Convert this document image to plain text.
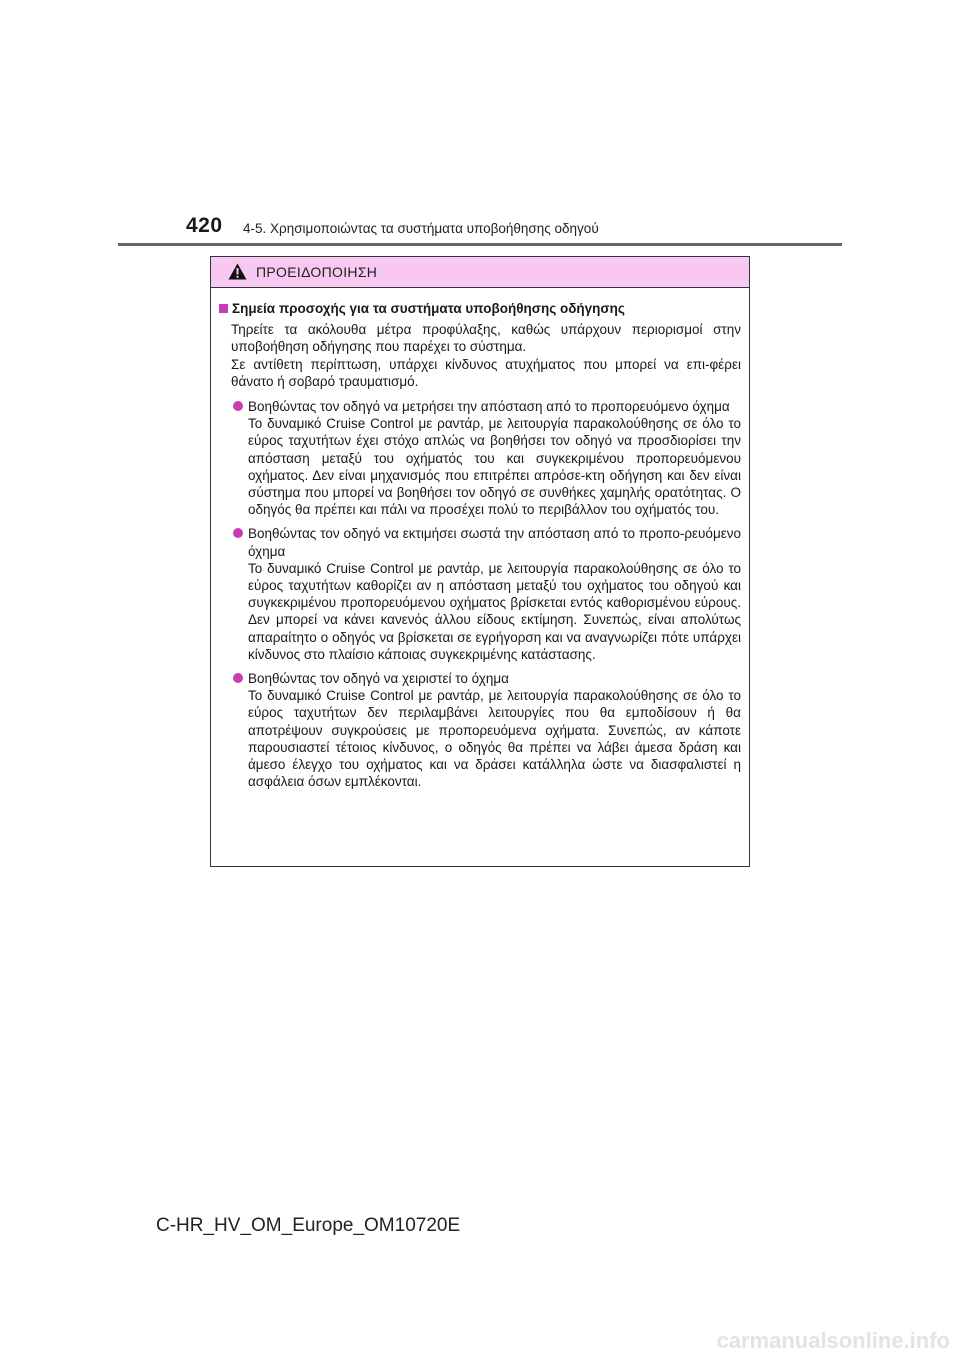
420 4-5. Χρησιμοποιώντας τα συστήματα υποβοήθησης οδηγού
ΠΡΟΕΙΔΟΠΟΙΗΣΗ
Σημεία προσοχής για τα συστήματα υποβοήθησης οδήγησης

Τηρείτε τα ακόλουθα μέτρα προφύλαξης, καθώς υπάρχουν περιορισμοί στην υποβοήθηση οδήγησης που παρέχει το σύστημα.

Σε αντίθετη περίπτωση, υπάρχει κίνδυνος ατυχήματος που μπορεί να επι-φέρει θάνατο ή σοβαρό τραυματισμό.

Βοηθώντας τον οδηγό να μετρήσει την απόσταση από το προπορευόμενο όχημα
Το δυναμικό Cruise Control με ραντάρ, με λειτουργία παρακολούθησης σε όλο το εύρος ταχυτήτων έχει στόχο απλώς να βοηθήσει τον οδηγό να προσδιορίσει την απόσταση μεταξύ του οχήματός του και συγκεκριμένου προπορευόμενου οχήματος. Δεν είναι μηχανισμός που επιτρέπει απρόσε-κτη οδήγηση και δεν είναι σύστημα που μπορεί να βοηθήσει τον οδηγό σε συνθήκες χαμηλής ορατότητας. Ο οδηγός θα πρέπει και πάλι να προσέχει πολύ το περιβάλλον του οχήματός του.
Βοηθώντας τον οδηγό να εκτιμήσει σωστά την απόσταση από το προπο-ρευόμενο όχημα
Το δυναμικό Cruise Control με ραντάρ, με λειτουργία παρακολούθησης σε όλο το εύρος ταχυτήτων καθορίζει αν η απόσταση μεταξύ του οχήματος του οδηγού και συγκεκριμένου προπορευόμενου οχήματος βρίσκεται εντός καθορισμένου εύρους. Δεν μπορεί να κάνει κανενός άλλου είδους εκτίμηση. Συνεπώς, είναι απολύτως απαραίτητο ο οδηγός να βρίσκεται σε εγρήγορση και να αναγνωρίζει πότε υπάρχει κίνδυνος στο πλαίσιο κάποιας συγκεκριμένης κατάστασης.
Βοηθώντας τον οδηγό να χειριστεί το όχημα
Το δυναμικό Cruise Control με ραντάρ, με λειτουργία παρακολούθησης σε όλο το εύρος ταχυτήτων δεν περιλαμβάνει λειτουργίες που θα εμποδίσουν ή θα αποτρέψουν συγκρούσεις με προπορευόμενα οχήματα. Συνεπώς, αν κάποτε παρουσιαστεί τέτοιος κίνδυνος, ο οδηγός θα πρέπει να λάβει άμεσα δράση και άμεσο έλεγχο του οχήματος και να δράσει κατάλληλα ώστε να διασφαλιστεί η ασφάλεια όσων εμπλέκονται.
C-HR_HV_OM_Europe_OM10720E
carmanualsonline.info
